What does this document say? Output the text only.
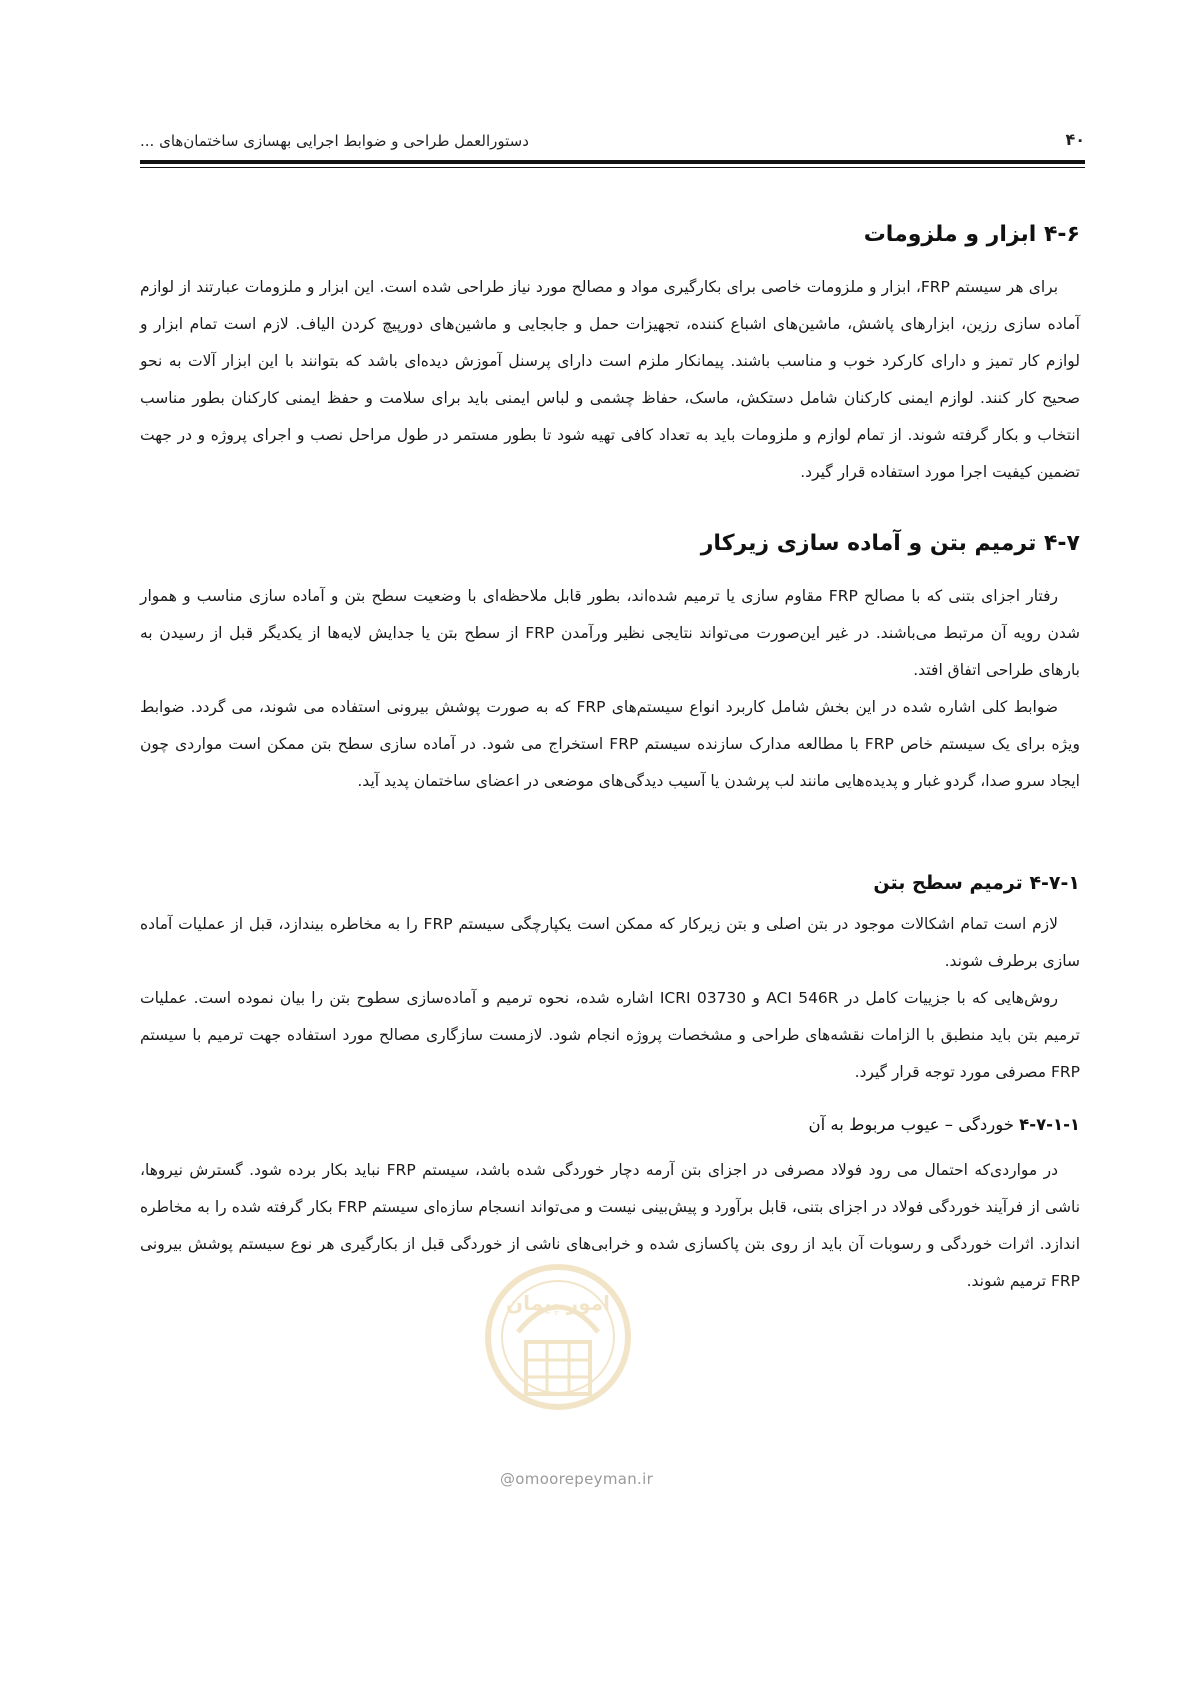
دستورالعمل طراحی و ضوابط اجرایی بهسازی ساختمان‌های ...	۴۰
۴-۶ ابزار و ملزومات

برای هر سیستم FRP، ابزار و ملزومات خاصی برای بکارگیری مواد و مصالح مورد نیاز طراحی شده است. این ابزار و ملزومات عبارتند از لوازم آماده سازی رزین، ابزارهای پاشش، ماشین‌های اشباع کننده، تجهیزات حمل و جابجایی و ماشین‌های دورپیچ کردن الیاف. لازم است تمام ابزار و لوازم کار تمیز و دارای کارکرد خوب و مناسب باشند. پیمانکار ملزم است دارای پرسنل آموزش دیده‌ای باشد که بتوانند با این ابزار آلات به نحو صحیح کار کنند. لوازم ایمنی کارکنان شامل دستکش، ماسک، حفاظ چشمی و لباس ایمنی باید برای سلامت و حفظ ایمنی کارکنان بطور مناسب انتخاب و بکار گرفته شوند. از تمام لوازم و ملزومات باید به تعداد کافی تهیه شود تا بطور مستمر در طول مراحل نصب و اجرای پروژه و در جهت تضمین کیفیت اجرا مورد استفاده قرار گیرد.

۴-۷ ترمیم بتن و آماده سازی زیرکار

رفتار اجزای بتنی که با مصالح FRP مقاوم سازی یا ترمیم شده‌اند، بطور قابل ملاحظه‌ای با وضعیت سطح بتن و آماده سازی مناسب و هموار شدن رویه آن مرتبط می‌باشند. در غیر این‌صورت می‌تواند نتایجی نظیر ورآمدن FRP از سطح بتن یا جدایش لایه‌ها از یکدیگر قبل از رسیدن به بارهای طراحی اتفاق افتد.

ضوابط کلی اشاره شده در این بخش شامل کاربرد انواع سیستم‌های FRP که به صورت پوشش بیرونی استفاده می شوند، می گردد. ضوابط ویژه برای یک سیستم خاص FRP با مطالعه مدارک سازنده سیستم FRP استخراج می شود. در آماده سازی سطح بتن ممکن است مواردی چون ایجاد سرو صدا، گردو غبار و پدیده‌هایی مانند لب پرشدن یا آسیب دیدگی‌های موضعی در اعضای ساختمان پدید آید.

۴-۷-۱ ترمیم سطح بتن

لازم است تمام اشکالات موجود در بتن اصلی و بتن زیرکار که ممکن است یکپارچگی سیستم FRP را به مخاطره بیندازد، قبل از عملیات آماده سازی برطرف شوند.

روش‌هایی که با جزییات کامل در ACI 546R و ICRI 03730 اشاره شده، نحوه ترمیم و آماده‌سازی سطوح بتن را بیان نموده است. عملیات ترمیم بتن باید منطبق با الزامات نقشه‌های طراحی و مشخصات پروژه انجام شود. لازمست سازگاری مصالح مورد استفاده جهت ترمیم با سیستم FRP مصرفی مورد توجه قرار گیرد.

۴-۷-۱-۱ خوردگی – عیوب مربوط به آن

در مواردی‌که احتمال می رود فولاد مصرفی در اجزای بتن آرمه دچار خوردگی شده باشد، سیستم FRP نباید بکار برده شود. گسترش نیروها، ناشی از فرآیند خوردگی فولاد در اجزای بتنی، قابل برآورد و پیش‌بینی نیست و می‌تواند انسجام سازه‌ای سیستم FRP بکار گرفته شده را به مخاطره اندازد. اثرات خوردگی و رسوبات آن باید از روی بتن پاکسازی شده و خرابی‌های ناشی از خوردگی قبل از بکارگیری هر نوع سیستم پوشش بیرونی FRP ترمیم شوند.

امور پیمان
@omoorepeyman.ir
